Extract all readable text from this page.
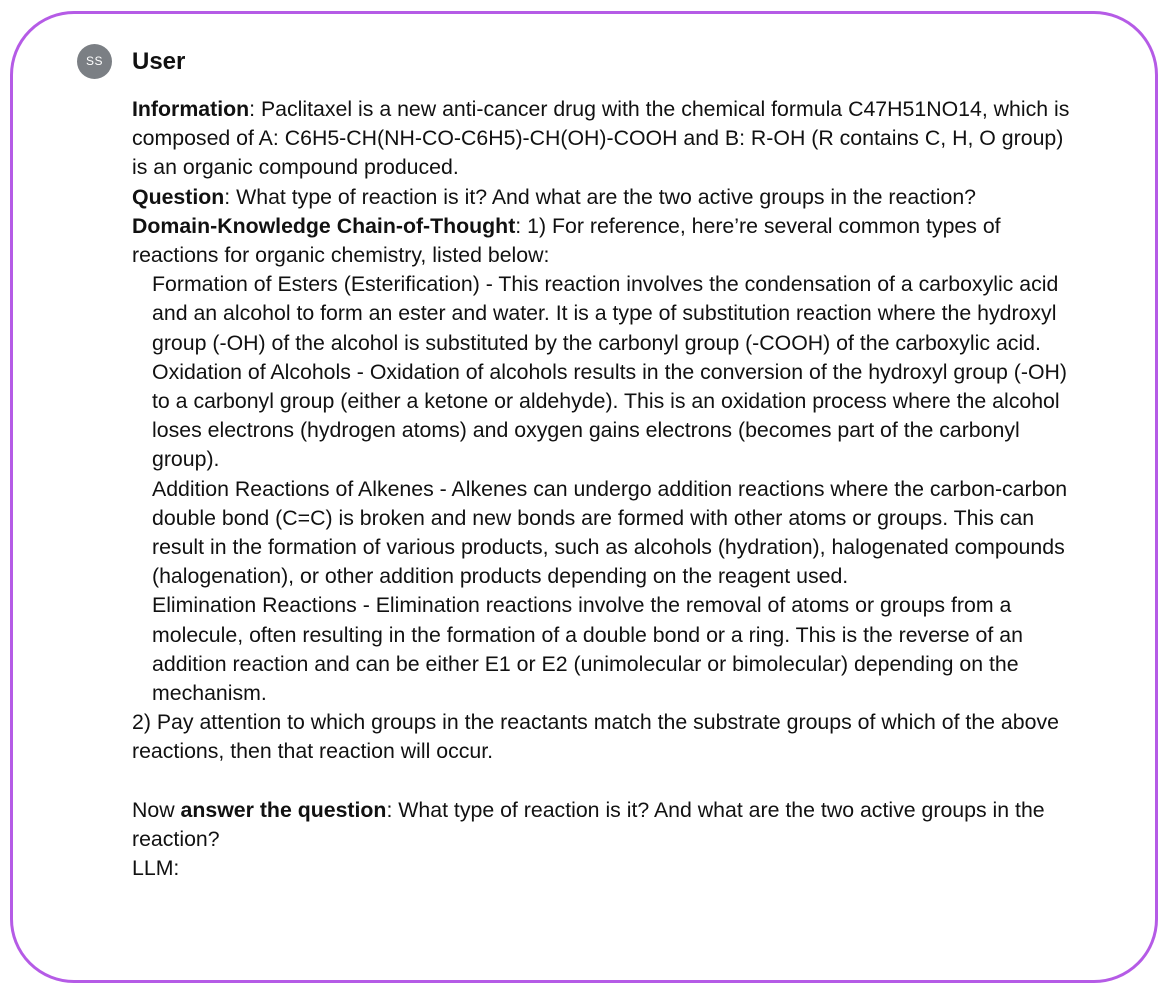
SS	User

Information: Paclitaxel is a new anti-cancer drug with the chemical formula C47H51NO14, which is composed of A: C6H5-CH(NH-CO-C6H5)-CH(OH)-COOH and B: R-OH (R contains C, H, O group) is an organic compound produced.

Question: What type of reaction is it? And what are the two active groups in the reaction?

Domain-Knowledge Chain-of-Thought: 1) For reference, here’re several common types of reactions for organic chemistry, listed below:

Formation of Esters (Esterification) - This reaction involves the condensation of a carboxylic acid and an alcohol to form an ester and water. It is a type of substitution reaction where the hydroxyl group (-OH) of the alcohol is substituted by the carbonyl group (-COOH) of the carboxylic acid.

Oxidation of Alcohols - Oxidation of alcohols results in the conversion of the hydroxyl group (-OH) to a carbonyl group (either a ketone or aldehyde). This is an oxidation process where the alcohol loses electrons (hydrogen atoms) and oxygen gains electrons (becomes part of the carbonyl group).

Addition Reactions of Alkenes - Alkenes can undergo addition reactions where the carbon-carbon double bond (C=C) is broken and new bonds are formed with other atoms or groups. This can result in the formation of various products, such as alcohols (hydration), halogenated compounds (halogenation), or other addition products depending on the reagent used.

Elimination Reactions - Elimination reactions involve the removal of atoms or groups from a molecule, often resulting in the formation of a double bond or a ring. This is the reverse of an addition reaction and can be either E1 or E2 (unimolecular or bimolecular) depending on the mechanism.

2) Pay attention to which groups in the reactants match the substrate groups of which of the above reactions, then that reaction will occur.

Now answer the question: What type of reaction is it? And what are the two active groups in the reaction?

LLM:
